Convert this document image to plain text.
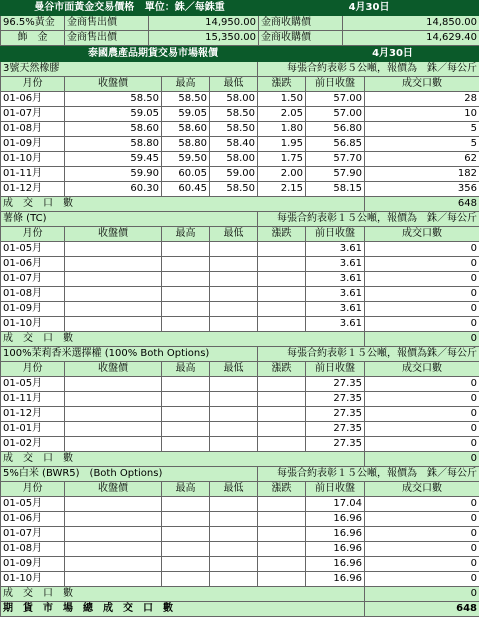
曼谷市面黃金交易價格 單位：銖／每銖重			4月30日	
96.5%黃金	金商售出價	14,950.00	金商收購價	14,850.00
飾　金	金商售出價	15,350.00	金商收購價	14,629.40
泰國農產品期貨交易市場報價					4月30日	
3號天然橡膠				每張合約表彰５公噸，報價為　銖／每公斤		
月份	收盤價	最高	最低	漲跌	前日收盤	成交口數
01-06月	58.50	58.50	58.00	1.50	57.00	28
01-07月	59.05	59.05	58.50	2.05	57.00	10
01-08月	58.60	58.60	58.50	1.80	56.80	5
01-09月	58.80	58.80	58.40	1.95	56.85	5
01-10月	59.45	59.50	58.00	1.75	57.70	62
01-11月	59.90	60.05	59.00	2.00	57.90	182
01-12月	60.30	60.45	58.50	2.15	58.15	356
成　交　口　數						648
薯條 (TC)				每張合約表彰１５公噸，報價為　銖／每公斤		
月份	收盤價	最高	最低	漲跌	前日收盤	成交口數
01-05月					3.61	0
01-06月					3.61	0
01-07月					3.61	0
01-08月					3.61	0
01-09月					3.61	0
01-10月					3.61	0
成　交　口　數						0
100%茉莉香米選擇權 (100% Both Options)				每張合約表彰１５公噸，報價為銖／每公斤		
月份	收盤價	最高	最低	漲跌	前日收盤	成交口數
01-05月					27.35	0
01-11月					27.35	0
01-12月					27.35	0
01-01月					27.35	0
01-02月					27.35	0
成　交　口　數						0
5%白米 (BWR5)　(Both Options)				每張合約表彰１５公噸，報價為　銖／每公斤		
月份	收盤價	最高	最低	漲跌	前日收盤	成交口數
01-05月					17.04	0
01-06月					16.96	0
01-07月					16.96	0
01-08月					16.96	0
01-09月					16.96	0
01-10月					16.96	0
成　交　口　數						0
期　貨　市　場　總　成　交　口　數						648
